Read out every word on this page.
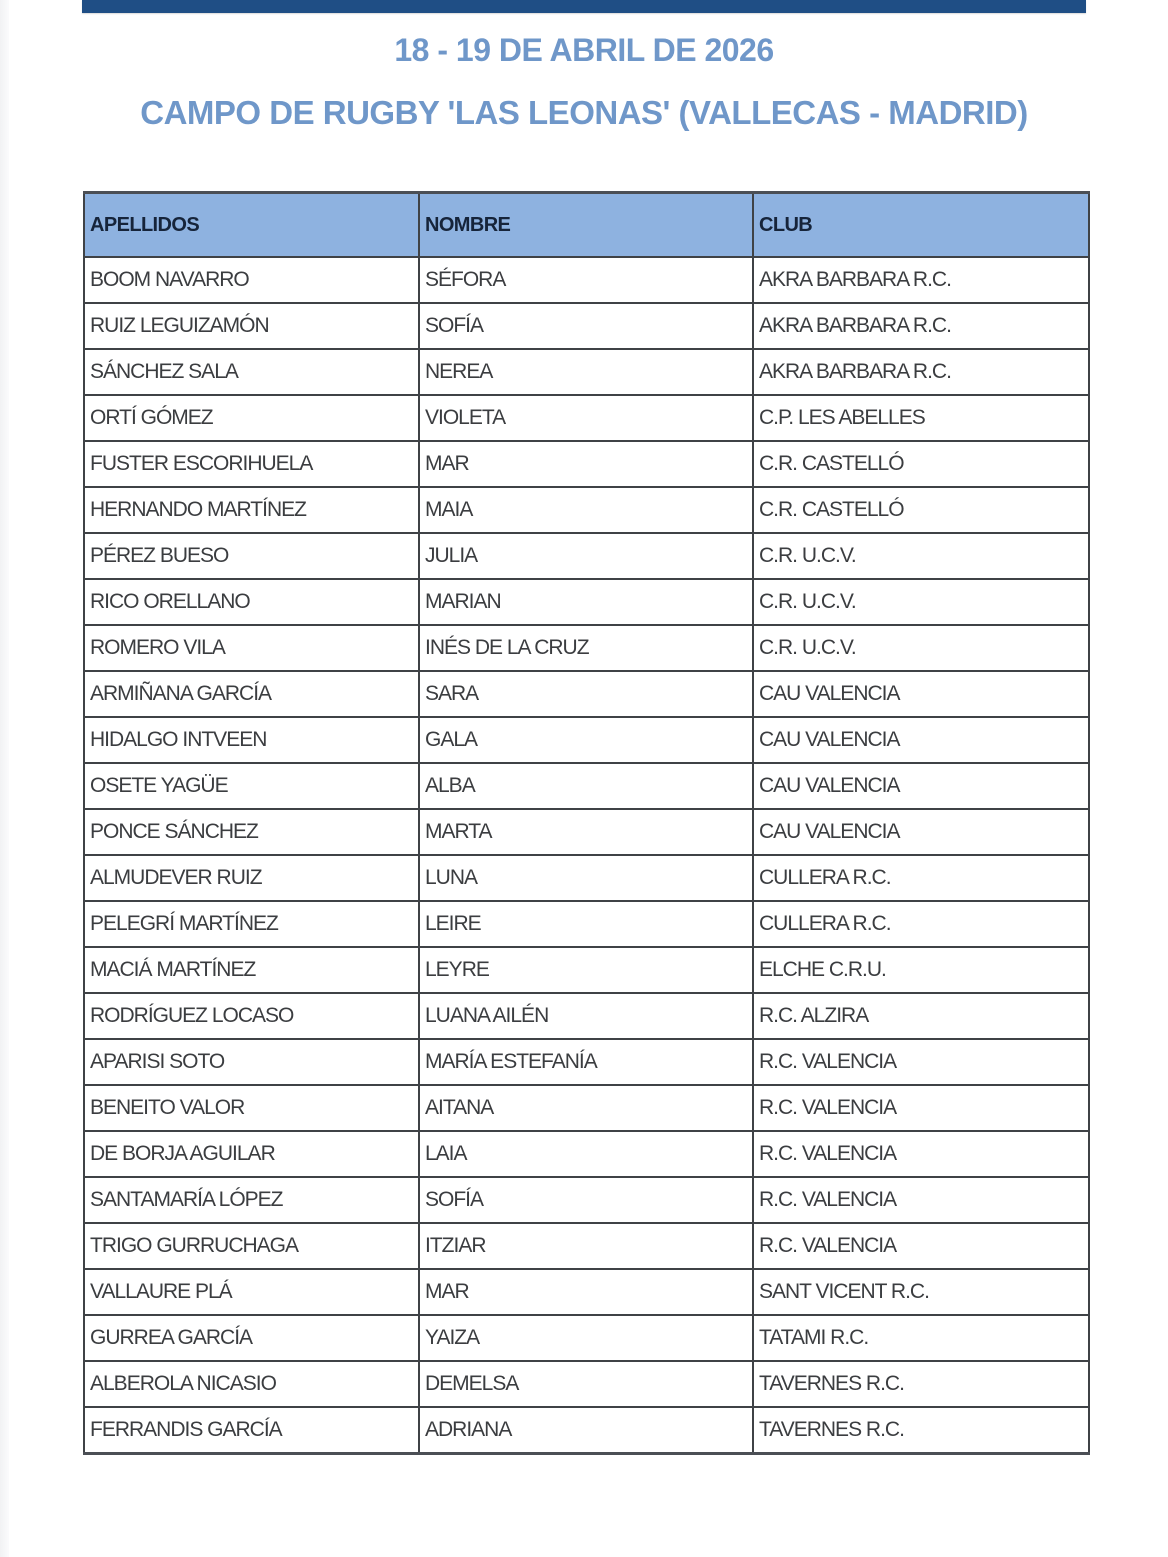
18 - 19 DE ABRIL DE 2026
CAMPO DE RUGBY 'LAS LEONAS' (VALLECAS - MADRID)
APELLIDOS	NOMBRE	CLUB
BOOM NAVARRO	SÉFORA	AKRA BARBARA R.C.
RUIZ LEGUIZAMÓN	SOFÍA	AKRA BARBARA R.C.
SÁNCHEZ SALA	NEREA	AKRA BARBARA R.C.
ORTÍ GÓMEZ	VIOLETA	C.P. LES ABELLES
FUSTER ESCORIHUELA	MAR	C.R. CASTELLÓ
HERNANDO MARTÍNEZ	MAIA	C.R. CASTELLÓ
PÉREZ BUESO	JULIA	C.R. U.C.V.
RICO ORELLANO	MARIAN	C.R. U.C.V.
ROMERO VILA	INÉS DE LA CRUZ	C.R. U.C.V.
ARMIÑANA GARCÍA	SARA	CAU VALENCIA
HIDALGO INTVEEN	GALA	CAU VALENCIA
OSETE YAGÜE	ALBA	CAU VALENCIA
PONCE SÁNCHEZ	MARTA	CAU VALENCIA
ALMUDEVER RUIZ	LUNA	CULLERA R.C.
PELEGRÍ MARTÍNEZ	LEIRE	CULLERA R.C.
MACIÁ MARTÍNEZ	LEYRE	ELCHE C.R.U.
RODRÍGUEZ LOCASO	LUANA AILÉN	R.C. ALZIRA
APARISI SOTO	MARÍA ESTEFANÍA	R.C. VALENCIA
BENEITO VALOR	AITANA	R.C. VALENCIA
DE BORJA AGUILAR	LAIA	R.C. VALENCIA
SANTAMARÍA LÓPEZ	SOFÍA	R.C. VALENCIA
TRIGO GURRUCHAGA	ITZIAR	R.C. VALENCIA
VALLAURE PLÁ	MAR	SANT VICENT R.C.
GURREA GARCÍA	YAIZA	TATAMI R.C.
ALBEROLA NICASIO	DEMELSA	TAVERNES R.C.
FERRANDIS GARCÍA	ADRIANA	TAVERNES R.C.
